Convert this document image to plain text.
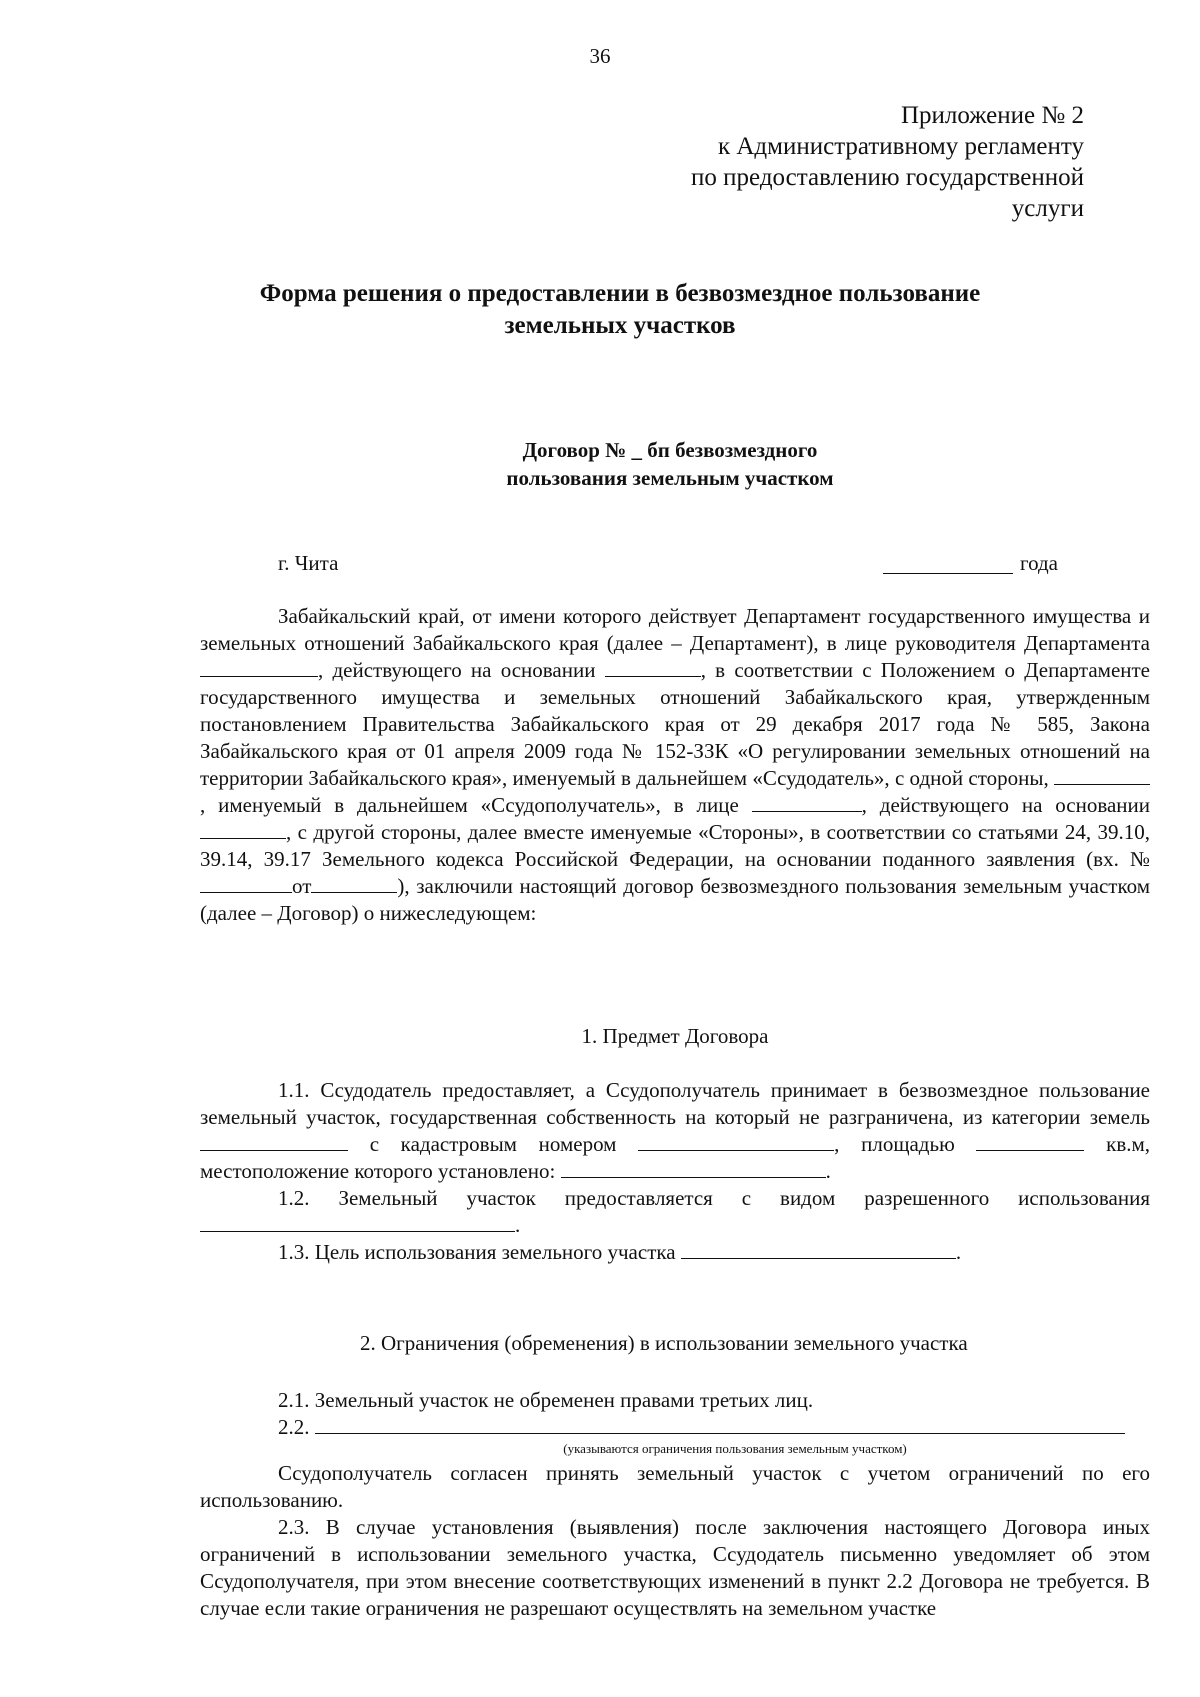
36
Приложение № 2
к Административному регламенту
по предоставлению государственной
услуги
Форма решения о предоставлении в безвозмездное пользование
земельных участков
Договор № _ бп безвозмездного
пользования земельным участком
г. Чита	года

Забайкальский край, от имени которого действует Департамент государственного имущества и земельных отношений Забайкальского края (далее – Департамент), в лице руководителя Департамента , действующего на основании	, в соответствии с Положением о Департаменте государственного имущества и земельных отношений Забайкальского края, утвержденным постановлением Правительства Забайкальского края от 29 декабря 2017 года № 585, Закона Забайкальского края от 01 апреля 2009 года № 152-ЗЗК «О регулировании земельных отношений на территории Забайкальского края», именуемый в дальнейшем «Ссудодатель», с одной стороны, , именуемый в дальнейшем «Ссудополучатель», в лице	, действующего на основании , с другой стороны, далее вместе именуемые «Стороны», в соответствии со статьями 24, 39.10, 39.14, 39.17 Земельного кодекса Российской Федерации, на основании поданного заявления (вх. №от	), заключили настоящий договор безвозмездного пользования земельным участком (далее – Договор) о нижеследующем:

1. Предмет Договора

1.1. Ссудодатель предоставляет, а Ссудополучатель принимает в безвозмездное пользование земельный участок, государственная собственность на который не разграничена, из категории земель  с кадастровым номером	, площадью	кв.м, местоположение которого установлено:	.

1.2. Земельный участок предоставляется с видом разрешенного использования .

1.3. Цель использования земельного участка	.

2. Ограничения (обременения) в использовании земельного участка

2.1. Земельный участок не обременен правами третьих лиц.

2.2.

Ссудополучатель согласен принять земельный участок с учетом ограничений по его использованию.

2.3. В случае установления (выявления) после заключения настоящего Договора иных ограничений в использовании земельного участка, Ссудодатель письменно уведомляет об этом Ссудополучателя, при этом внесение соответствующих изменений в пункт 2.2 Договора не требуется. В случае если такие ограничения не разрешают осуществлять на земельном участке

(указываются ограничения пользования земельным участком)
